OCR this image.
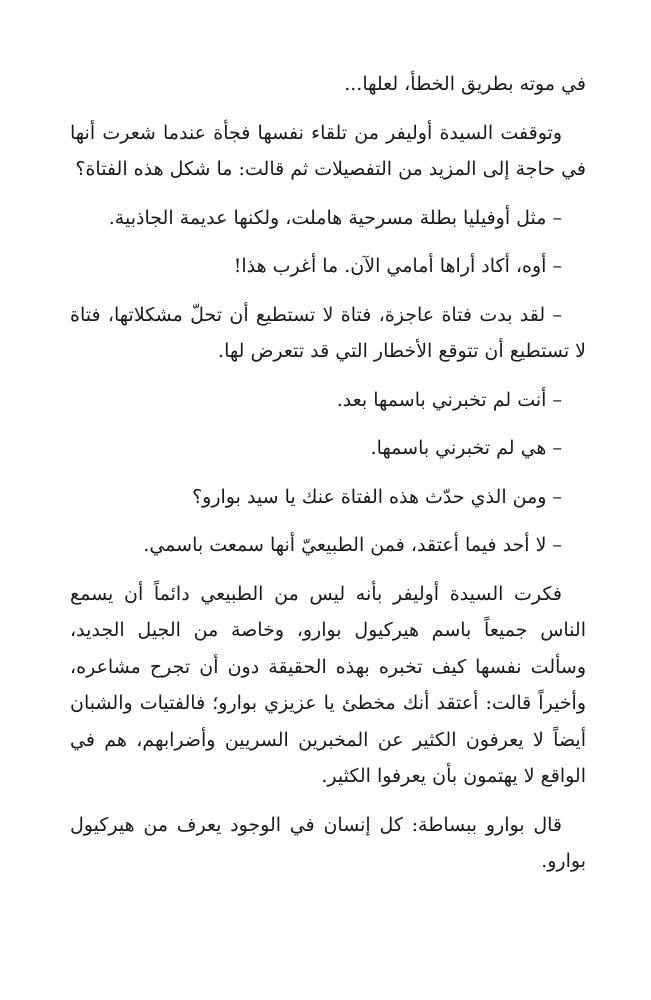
في موته بطريق الخطأ، لعلها...

وتوقفت السيدة أوليفر من تلقاء نفسها فجأة عندما شعرت أنها في حاجة إلى المزيد من التفصيلات ثم قالت: ما شكل هذه الفتاة؟

– مثل أوفيليا بطلة مسرحية هاملت، ولكنها عديمة الجاذبية.

– أوه، أكاد أراها أمامي الآن. ما أغرب هذا!

– لقد بدت فتاة عاجزة، فتاة لا تستطيع أن تحلّ مشكلاتها، فتاة لا تستطيع أن تتوقع الأخطار التي قد تتعرض لها.

– أنت لم تخبرني باسمها بعد.

– هي لم تخبرني باسمها.

– ومن الذي حدّث هذه الفتاة عنك يا سيد بوارو؟

– لا أحد فيما أعتقد، فمن الطبيعيّ أنها سمعت باسمي.

فكرت السيدة أوليفر بأنه ليس من الطبيعي دائماً أن يسمع الناس جميعاً باسم هيركيول بوارو، وخاصة من الجيل الجديد، وسألت نفسها كيف تخبره بهذه الحقيقة دون أن تجرح مشاعره، وأخيراً قالت: أعتقد أنك مخطئ يا عزيزي بوارو؛ فالفتيات والشبان أيضاً لا يعرفون الكثير عن المخبرين السريين وأضرابهم، هم في الواقع لا يهتمون بأن يعرفوا الكثير.

قال بوارو ببساطة: كل إنسان في الوجود يعرف من هيركيول بوارو.
